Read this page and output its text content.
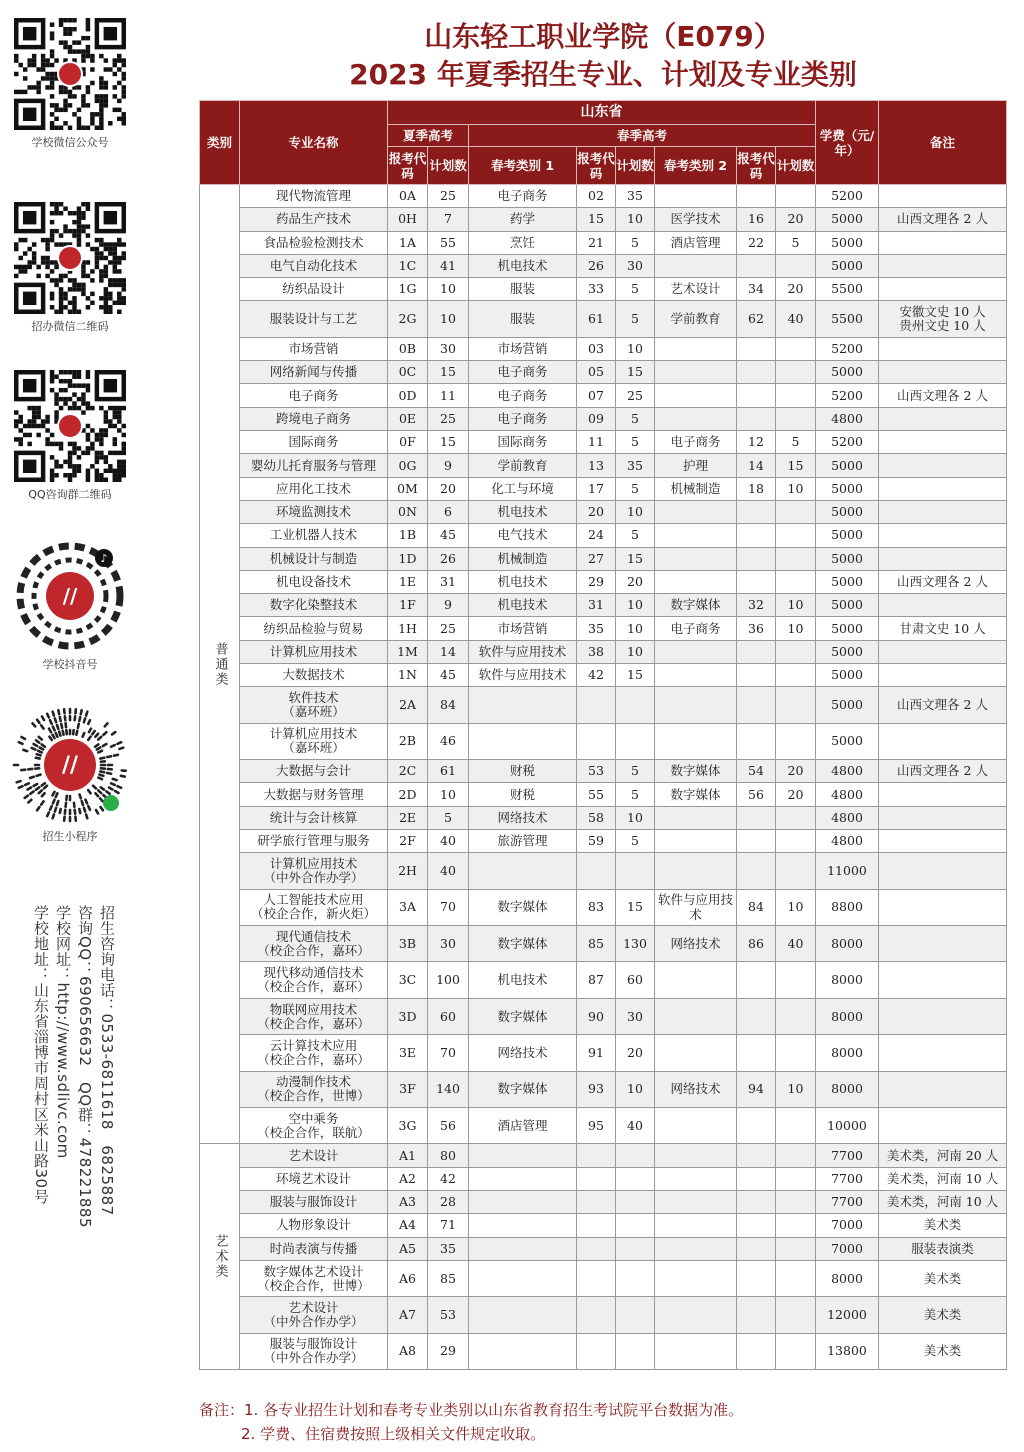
学校微信公众号
招办微信二维码
QQ咨询群二维码
//
♪
学校抖音号
//
招生小程序
招生咨询电话：0533-6811618　6825887
咨询QQ：690656632　QQ群：478221885
学校网址：http://www.sdlivc.com
学校地址：山东省淄博市周村区米山路30号
山东轻工职业学院（E079）
2023 年夏季招生专业、计划及专业类别
类别	专业名称	山东省								学费（元/年）	备注
		夏季高考		春季高考							
		报考代码	计划数	春考类别 1	报考代码	计划数	春考类别 2	报考代码	计划数		
普通类	现代物流管理	0A	25	电子商务	02	35				5200	

	药品生产技术	0H	7	药学	15	10	医学技术	16	20	5000	山西文理各 2 人

	食品检验检测技术	1A	55	烹饪	21	5	酒店管理	22	5	5000	

	电气自动化技术	1C	41	机电技术	26	30				5000	

	纺织品设计	1G	10	服装	33	5	艺术设计	34	20	5500	

	服装设计与工艺	2G	10	服装	61	5	学前教育	62	40	5500	安徽文史 10 人
贵州文史 10 人

	市场营销	0B	30	市场营销	03	10				5200	

	网络新闻与传播	0C	15	电子商务	05	15				5000	

	电子商务	0D	11	电子商务	07	25				5200	山西文理各 2 人

	跨境电子商务	0E	25	电子商务	09	5				4800	

	国际商务	0F	15	国际商务	11	5	电子商务	12	5	5200	

	婴幼儿托育服务与管理	0G	9	学前教育	13	35	护理	14	15	5000	

	应用化工技术	0M	20	化工与环境	17	5	机械制造	18	10	5000	

	环境监测技术	0N	6	机电技术	20	10				5000	

	工业机器人技术	1B	45	电气技术	24	5				5000	

	机械设计与制造	1D	26	机械制造	27	15				5000	

	机电设备技术	1E	31	机电技术	29	20				5000	山西文理各 2 人

	数字化染整技术	1F	9	机电技术	31	10	数字媒体	32	10	5000	

	纺织品检验与贸易	1H	25	市场营销	35	10	电子商务	36	10	5000	甘肃文史 10 人

	计算机应用技术	1M	14	软件与应用技术	38	10				5000	

	大数据技术	1N	45	软件与应用技术	42	15				5000	

	软件技术
（嘉环班）	2A	84							5000	山西文理各 2 人

	计算机应用技术
（嘉环班）	2B	46							5000	

	大数据与会计	2C	61	财税	53	5	数字媒体	54	20	4800	山西文理各 2 人

	大数据与财务管理	2D	10	财税	55	5	数字媒体	56	20	4800	

	统计与会计核算	2E	5	网络技术	58	10				4800	

	研学旅行管理与服务	2F	40	旅游管理	59	5				4800	

	计算机应用技术
（中外合作办学）	2H	40							11000	

	人工智能技术应用
（校企合作，新火炬）	3A	70	数字媒体	83	15	软件与应用技术	84	10	8800	

	现代通信技术
（校企合作，嘉环）	3B	30	数字媒体	85	130	网络技术	86	40	8000	

	现代移动通信技术
（校企合作，嘉环）	3C	100	机电技术	87	60				8000	

	物联网应用技术
（校企合作，嘉环）	3D	60	数字媒体	90	30				8000	

	云计算技术应用
（校企合作，嘉环）	3E	70	网络技术	91	20				8000	

	动漫制作技术
（校企合作，世博）	3F	140	数字媒体	93	10	网络技术	94	10	8000	

	空中乘务
（校企合作，联航）	3G	56	酒店管理	95	40				10000	
艺术类	艺术设计	A1	80							7700	美术类，河南 20 人

	环境艺术设计	A2	42							7700	美术类，河南 10 人

	服装与服饰设计	A3	28							7700	美术类，河南 10 人

	人物形象设计	A4	71							7000	美术类

	时尚表演与传播	A5	35							7000	服装表演类

	数字媒体艺术设计
（校企合作，世博）	A6	85							8000	美术类

	艺术设计
（中外合作办学）	A7	53							12000	美术类

	服装与服饰设计
（中外合作办学）	A8	29							13800	美术类
备注：1. 各专业招生计划和春考专业类别以山东省教育招生考试院平台数据为准。
2. 学费、住宿费按照上级相关文件规定收取。
